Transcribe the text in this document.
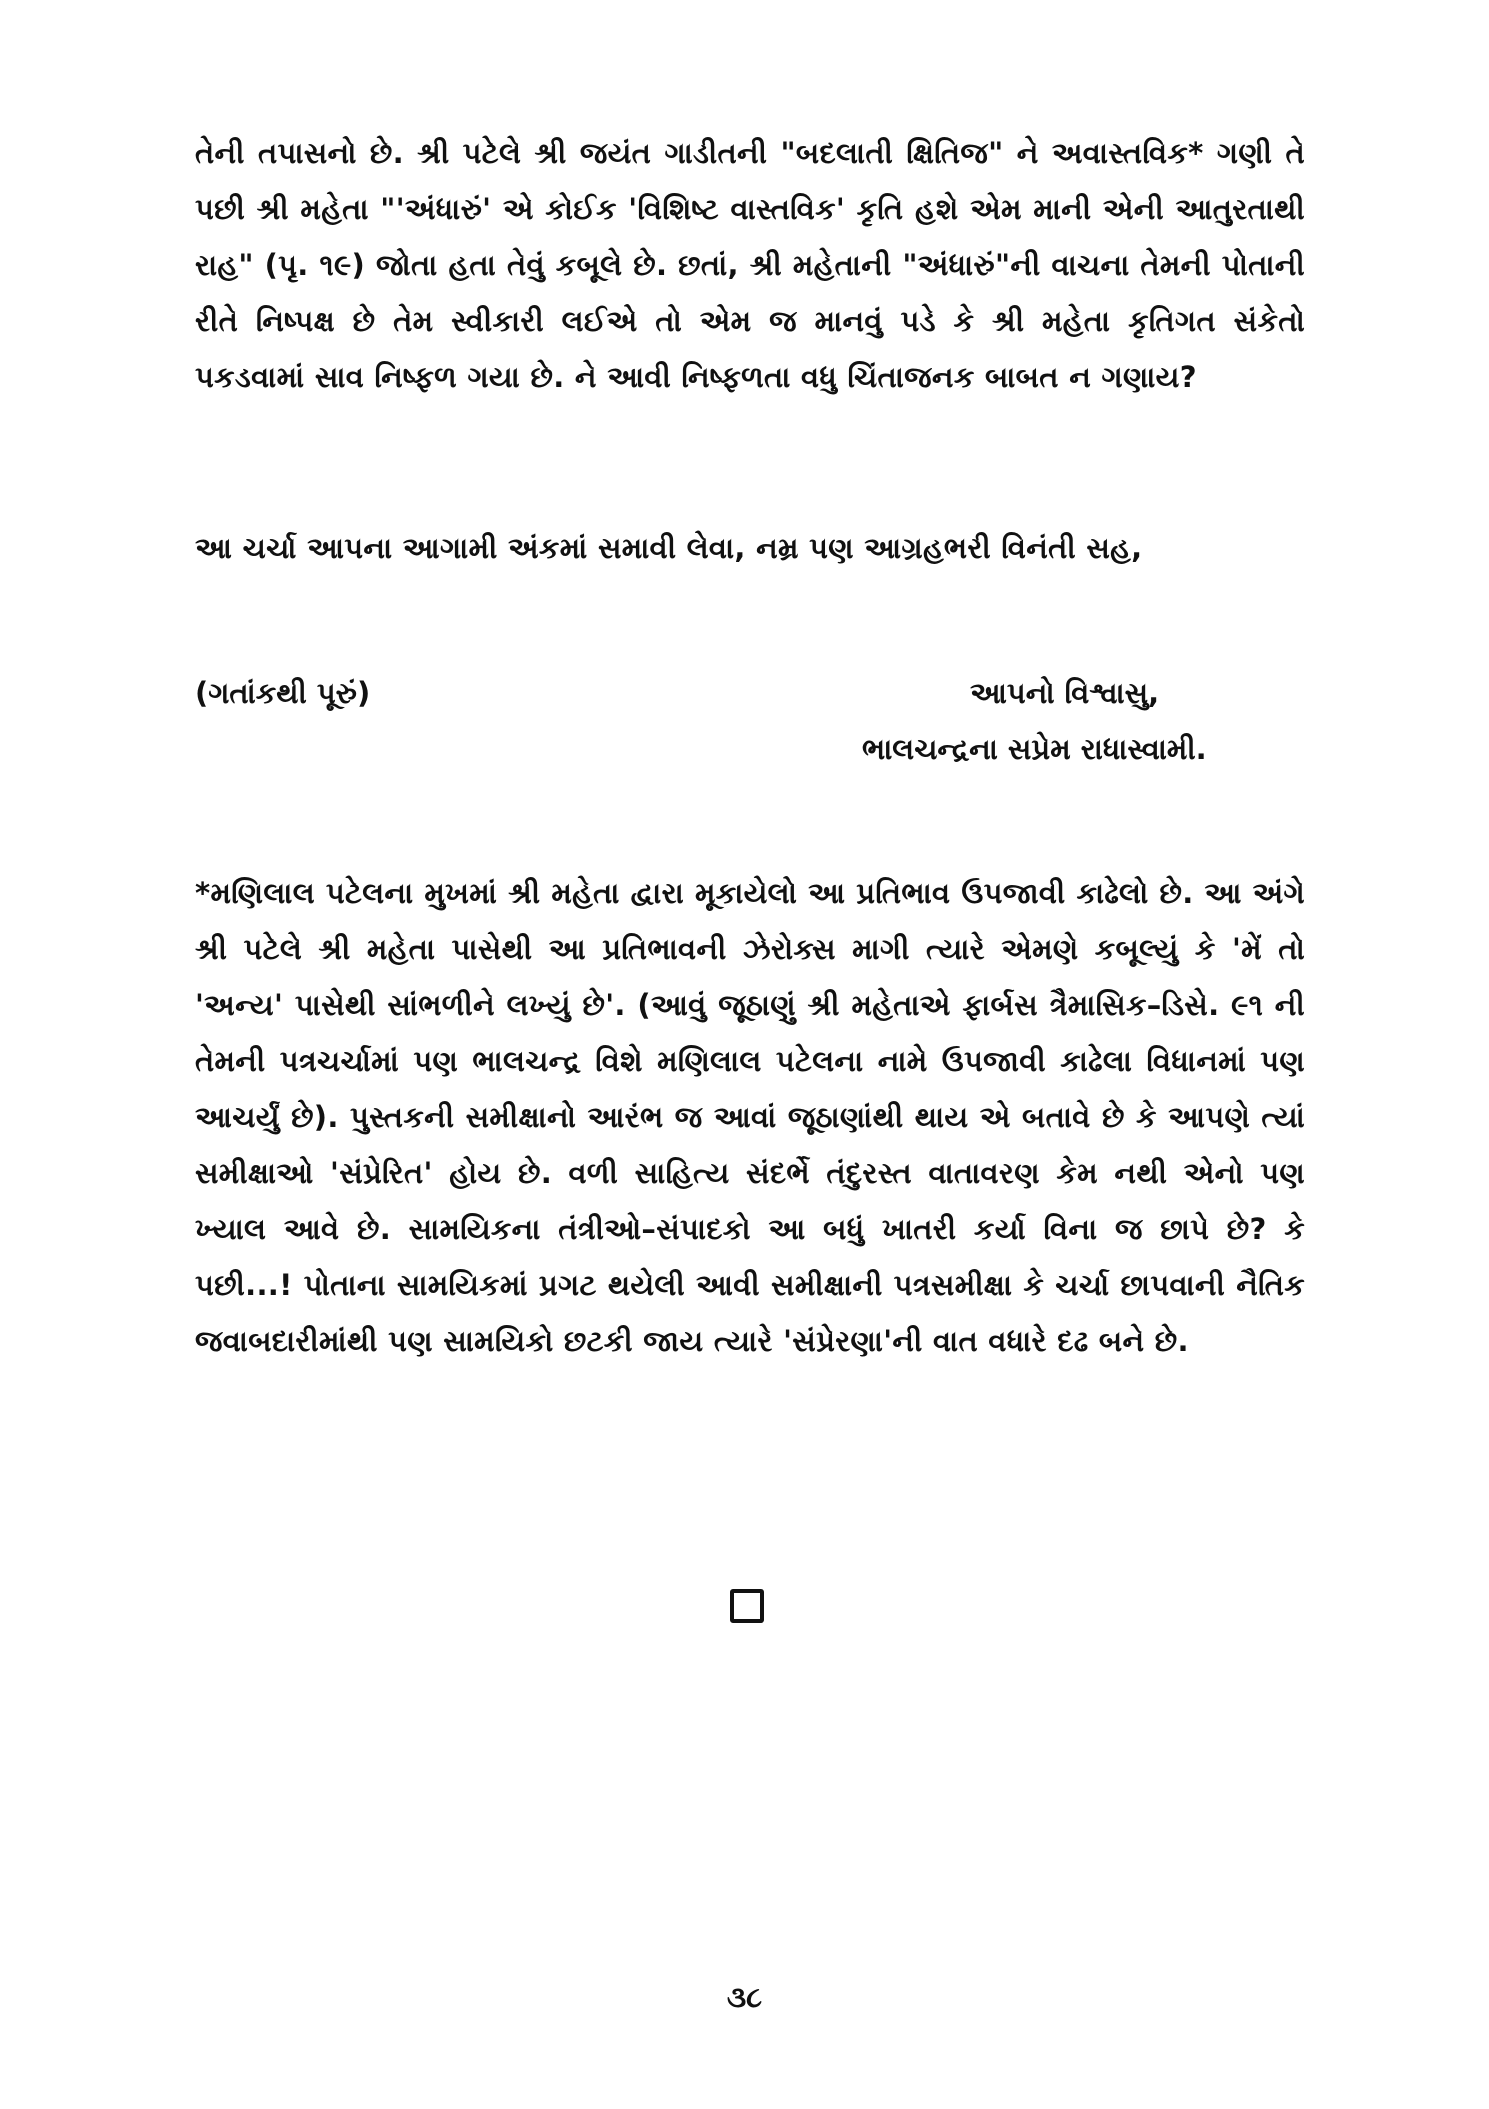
તેની તપાસનો છે. શ્રી પટેલે શ્રી જયંત ગાડીતની "બદલાતી ક્ષિતિજ" ને અવાસ્તવિક* ગણી તે પછી શ્રી મહેતા "'અંધારું' એ કોઈક 'વિશિષ્ટ વાસ્તવિક' કૃતિ હશે એમ માની એની આતુરતાથી રાહ" (પૃ. ૧૯) જોતા હતા તેવું કબૂલે છે. છતાં, શ્રી મહેતાની "અંધારું"ની વાચના તેમની પોતાની રીતે નિષ્પક્ષ છે તેમ સ્વીકારી લઈએ તો એમ જ માનવું પડે કે શ્રી મહેતા કૃતિગત સંકેતો પકડવામાં સાવ નિષ્ફળ ગયા છે. ને આવી નિષ્ફળતા વધુ ચિંતાજનક બાબત ન ગણાય?

આ ચર્ચા આપના આગામી અંકમાં સમાવી લેવા, નમ્ર પણ આગ્રહભરી વિનંતી સહ,

(ગતાંકથી પૂરું)	આપનો વિશ્વાસુ,
ભાલચન્દ્રના સપ્રેમ રાધાસ્વામી.

*મણિલાલ પટેલના મુખમાં શ્રી મહેતા દ્વારા મૂકાયેલો આ પ્રતિભાવ ઉપજાવી કાઢેલો છે. આ અંગે શ્રી પટેલે શ્રી મહેતા પાસેથી આ પ્રતિભાવની ઝેરોક્સ માગી ત્યારે એમણે કબૂલ્યું કે 'મેં તો 'અન્ય' પાસેથી સાંભળીને લખ્યું છે'. (આવું જૂઠાણું શ્રી મહેતાએ ફાર્બસ ત્રૈમાસિક–ડિસે. ૯૧ ની તેમની પત્રચર્ચામાં પણ ભાલચન્દ્ર વિશે મણિલાલ પટેલના નામે ઉપજાવી કાઢેલા વિધાનમાં પણ આચર્યું છે). પુસ્તકની સમીક્ષાનો આરંભ જ આવાં જૂઠાણાંથી થાય એ બતાવે છે કે આપણે ત્યાં સમીક્ષાઓ 'સંપ્રેરિત' હોય છે. વળી સાહિત્ય સંદર્ભે તંદુરસ્ત વાતાવરણ કેમ નથી એનો પણ ખ્યાલ આવે છે. સામયિકના તંત્રીઓ–સંપાદકો આ બધું ખાતરી કર્યા વિના જ છાપે છે? કે પછી...! પોતાના સામયિકમાં પ્રગટ થયેલી આવી સમીક્ષાની પત્રસમીક્ષા કે ચર્ચા છાપવાની નૈતિક જવાબદારીમાંથી પણ સામયિકો છટકી જાય ત્યારે 'સંપ્રેરણા'ની વાત વધારે દઢ બને છે.

૩૮
